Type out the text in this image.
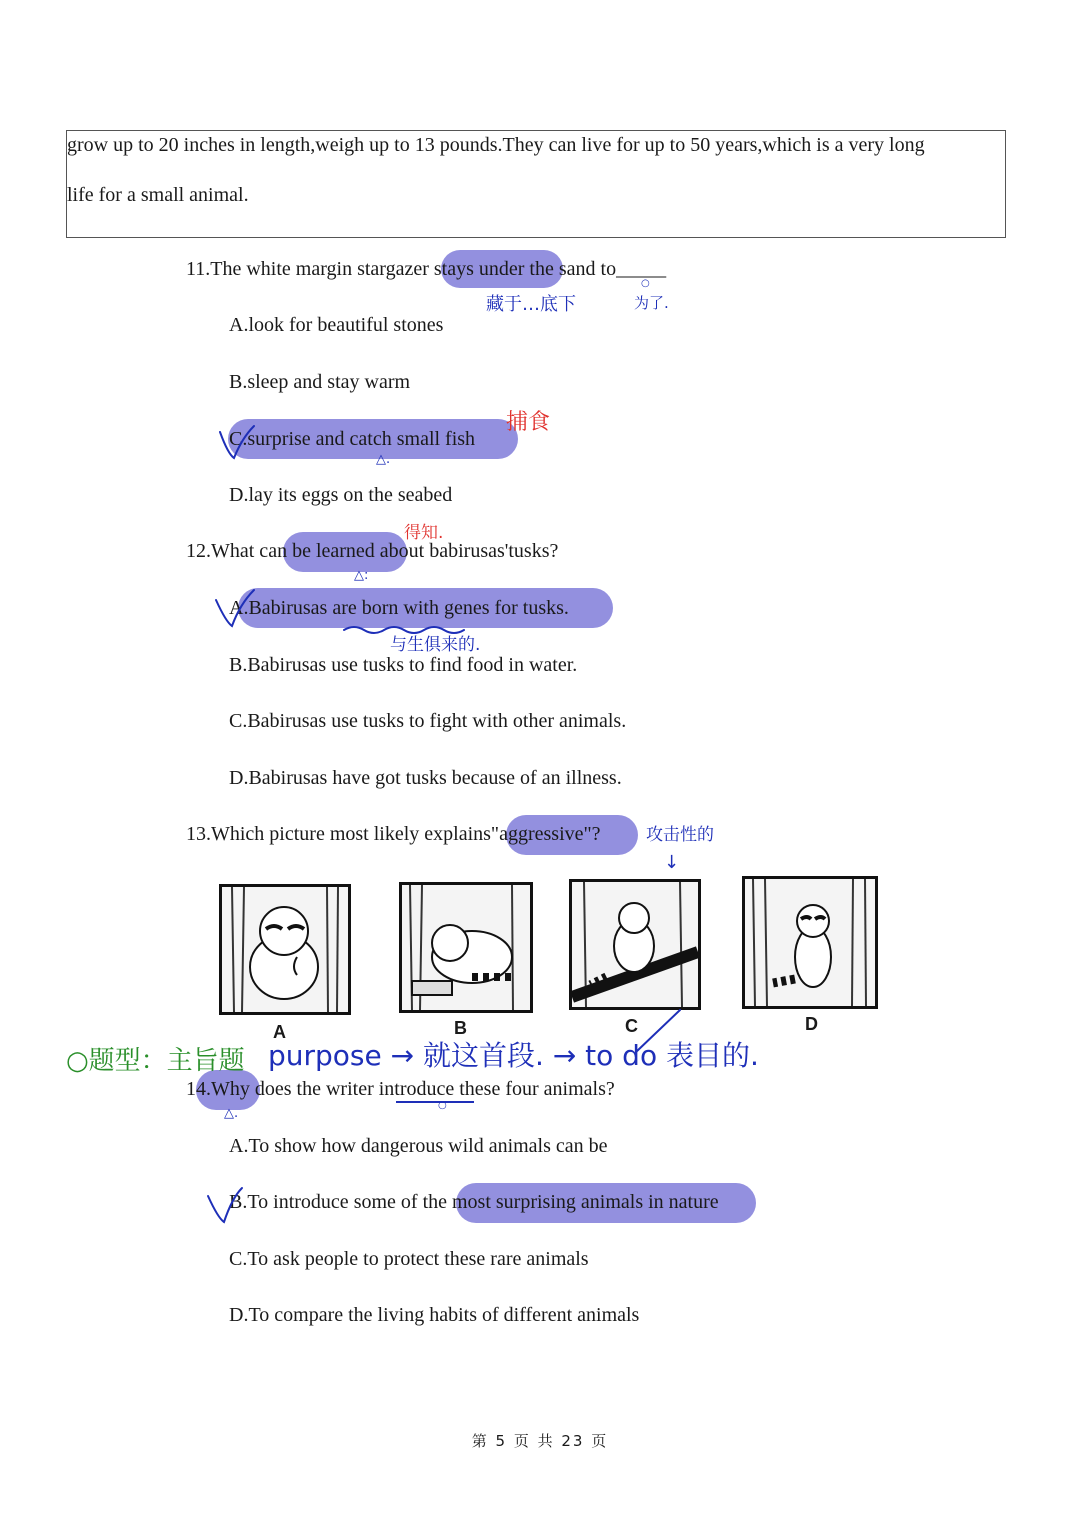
grow up to 20 inches in length,weigh up to 13 pounds.They can live for up to 50 years,which is a very long
life for a small animal.
11.The white margin stargazer stays under the sand to_____
藏于…底下	为了.
○
A.look for beautiful stones
B.sleep and stay warm
C.surprise and catch small fish
捕食
△.
D.lay its eggs on the seabed
12.What can be learned about babirusas'tusks?
得知.
△:
A.Babirusas are born with genes for tusks.
与生俱来的.
B.Babirusas use tusks to find food in water.
C.Babirusas use tusks to fight with other animals.
D.Babirusas have got tusks because of an illness.
13.Which picture most likely explains"aggressive"?	攻击性的
↓
A	B	C	D
○题型：主旨题 purpose → 就这首段. → to do 表目的.
14.Why does the writer introduce these four animals?
○
△.
A.To show how dangerous wild animals can be
B.To introduce some of the most surprising animals in nature
C.To ask people to protect these rare animals
D.To compare the living habits of different animals
第 5 页 共 23 页
